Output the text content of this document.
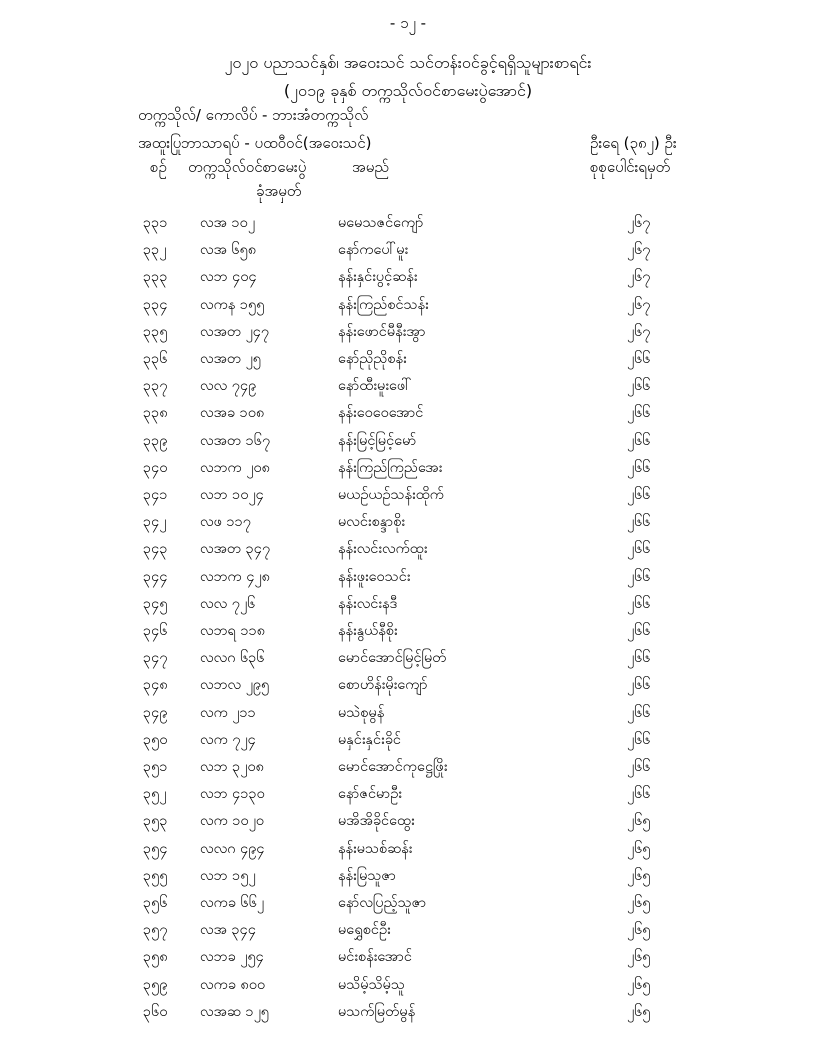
- ၁၂ -
၂၀၂၀ ပညာသင်နှစ်၊ အဝေးသင် သင်တန်းဝင်ခွင့်ရရှိသူများစာရင်း
(၂၀၁၉ ခုနှစ် တက္ကသိုလ်ဝင်စာမေးပွဲအောင်)
တက္ကသိုလ်/ ကောလိပ် - ဘားအံတက္ကသိုလ်
အထူးပြုဘာသာရပ် - ပထဝီဝင်(အဝေးသင်)	ဦးရေ (၃၈၂) ဦး
စဉ် တက္ကသိုလ်ဝင်စာမေးပွဲ
ခုံအမှတ်
အမည်	စုစုပေါင်းရမှတ်
၃၃၁ လအ ၁၀၂	မမေသဇင်ကျော်	၂၆၇
၃၃၂ လအ ၆၅၈	နော်ကပေါ်မူး	၂၆၇
၃၃၃ လဘ ၄၀၄	နန်းနှင်းပွင့်ဆန်း	၂၆၇
၃၃၄ လကန ၁၅၅	နန်းကြည်စင်သန်း	၂၆၇
၃၃၅ လအတ ၂၄၇	နန်းဖောင်မီနီးအွာ	၂၆၇
၃၃၆ လအတ ၂၅	နော်ညိုညိုစန်း	၂၆၆
၃၃၇ လလ ၇၄၉	နော်ထီးမူးဖေါ်	၂၆၆
၃၃၈ လအခ ၁၀၈	နန်းဝေဝေအောင်	၂၆၆
၃၃၉ လအတ ၁၆၇	နန်းမြင့်မြင့်မော်	၂၆၆
၃၄၀ လဘက ၂၀၈	နန်းကြည်ကြည်အေး	၂၆၆
၃၄၁ လဘ ၁၀၂၄	မယဉ်ယဉ်သန်းထိုက်	၂၆၆
၃၄၂ လဖ ၁၁၇	မလင်းစန္ဒာစိုး	၂၆၆
၃၄၃ လအတ ၃၄၇	နန်းလင်းလက်ထူး	၂၆၆
၃၄၄ လဘက ၄၂၈	နန်းဖူးဝေသင်း	၂၆၆
၃၄၅ လလ ၇၂၆	နန်းလင်းနဒီ	၂၆၆
၃၄၆ လဘရ ၁၁၈	နန်းနွယ်နီစိုး	၂၆၆
၃၄၇ လလဂ ၆၃၆	မောင်အောင်မြင့်မြတ်	၂၆၆
၃၄၈ လဘလ ၂၉၅	စောဟိန်းမိုးကျော်	၂၆၆
၃၄၉ လက ၂၁၁	မသဲစုမွန်	၂၆၆
၃၅၀ လက ၇၂၄	မနှင်းနှင်းခိုင်	၂၆၆
၃၅၁ လဘ ၃၂၀၈	မောင်အောင်ကုဋ္ဌေဖြိုး	၂၆၆
၃၅၂ လဘ ၄၁၃၀	နော်ဇင်မာဦး	၂၆၆
၃၅၃ လက ၁၀၂၀	မအိအိခိုင်ထွေး	၂၆၅
၃၅၄ လလဂ ၄၉၄	နန်းမသစ်ဆန်း	၂၆၅
၃၅၅ လဘ ၁၅၂	နန်းမြသူဇာ	၂၆၅
၃၅၆ လကခ ၆၆၂	နော်လပြည့်သူဇာ	၂၆၅
၃၅၇ လအ ၃၄၄	မရွှေစင်ဦး	၂၆၅
၃၅၈ လဘခ ၂၅၄	မင်းစန်းအောင်	၂၆၅
၃၅၉ လကခ ၈၀၀	မသိမ့်သိမ့်သူ	၂၆၅
၃၆၀ လအဆ ၁၂၅	မသက်မြတ်မွန်	၂၆၅
